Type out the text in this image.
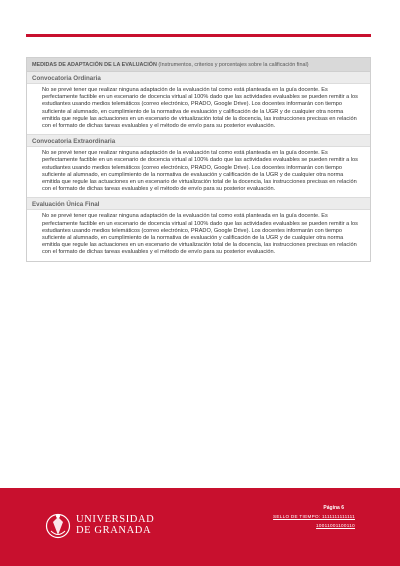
MEDIDAS DE ADAPTACIÓN DE LA EVALUACIÓN (Instrumentos, criterios y porcentajes sobre la calificación final)
Convocatoria Ordinaria
No se prevé tener que realizar ninguna adaptación de la evaluación tal como está planteada en la guía docente. Es perfectamente factible en un escenario de docencia virtual al 100% dado que las actividades evaluables se pueden remitir a los estudiantes usando medios telemáticos (correo electrónico, PRADO, Google Drive). Los docentes informarán con tiempo suficiente al alumnado, en cumplimiento de la normativa de evaluación y calificación de la UGR y de cualquier otra norma emitida que regule las actuaciones en un escenario de virtualización total de la docencia, las instrucciones precisas en relación con el formato de dichas tareas evaluables y el método de envío para su posterior evaluación.
Convocatoria Extraordinaria
No se prevé tener que realizar ninguna adaptación de la evaluación tal como está planteada en la guía docente. Es perfectamente factible en un escenario de docencia virtual al 100% dado que las actividades evaluables se pueden remitir a los estudiantes usando medios telemáticos (correo electrónico, PRADO, Google Drive). Los docentes informarán con tiempo suficiente al alumnado, en cumplimiento de la normativa de evaluación y calificación de la UGR y de cualquier otra norma emitida que regule las actuaciones en un escenario de virtualización total de la docencia, las instrucciones precisas en relación con el formato de dichas tareas evaluables y el método de envío para su posterior evaluación.
Evaluación Única Final
No se prevé tener que realizar ninguna adaptación de la evaluación tal como está planteada en la guía docente. Es perfectamente factible en un escenario de docencia virtual al 100% dado que las actividades evaluables se pueden remitir a los estudiantes usando medios telemáticos (correo electrónico, PRADO, Google Drive). Los docentes informarán con tiempo suficiente al alumnado, en cumplimiento de la normativa de evaluación y calificación de la UGR y de cualquier otra norma emitida que regule las actuaciones en un escenario de virtualización total de la docencia, las instrucciones precisas en relación con el formato de dichas tareas evaluables y el método de envío para su posterior evaluación.
UNIVERSIDAD
DE GRANADA
Página 6
SELLO DE TIEMPO: 1111111111111
10011001100110
